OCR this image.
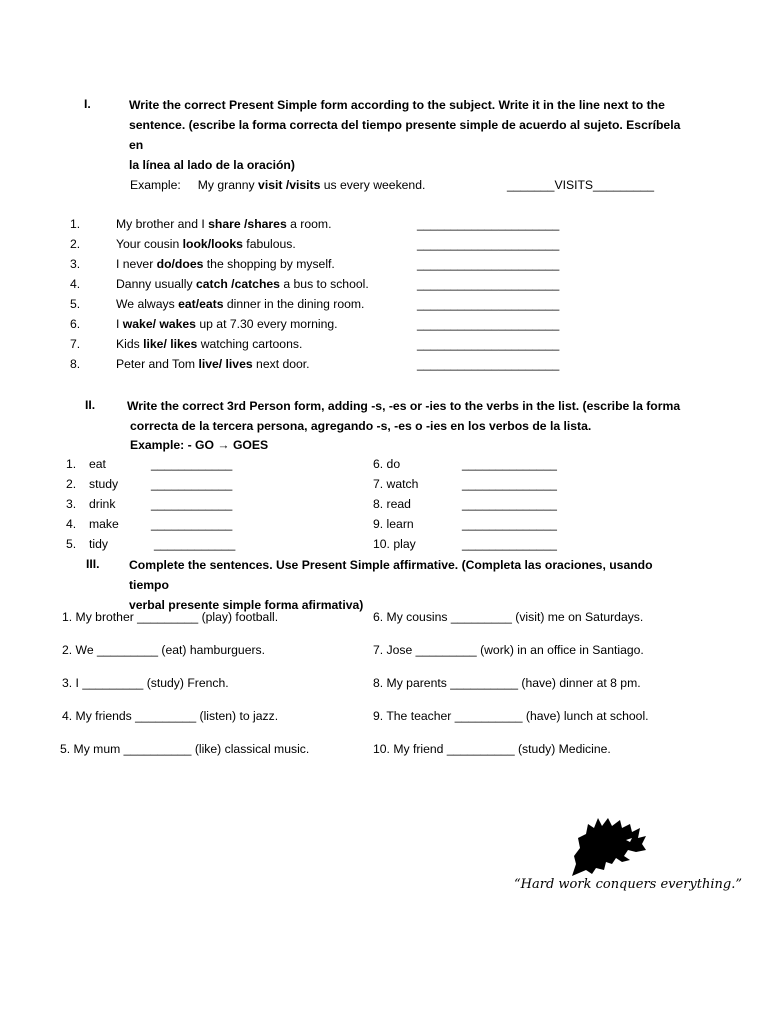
I.	Write the correct Present Simple form according to the subject. Write it in the line next to the
sentence. (escribe la forma correcta del tiempo presente simple de acuerdo al sujeto. Escríbela en
la línea al lado de la oración)
Example: My granny visit /visits us every weekend.	_______VISITS_________
1.	My brother and I share /shares a room.	_____________________
2.	Your cousin look/looks fabulous.	_____________________
3.	I never do/does the shopping by myself.	_____________________
4.	Danny usually catch /catches a bus to school.	_____________________
5.	We always eat/eats dinner in the dining room.	_____________________
6.	I wake/ wakes up at 7.30 every morning.	_____________________
7.	Kids like/ likes watching cartoons.	_____________________
8.	Peter and Tom live/ lives next door.	_____________________
II.	Write the correct 3rd Person form, adding -s, -es or -ies to the verbs in the list. (escribe la forma
correcta de la tercera persona, agregando -s, -es o -ies en los verbos de la lista.
Example: - GO → GOES
1. eat	____________
2. study	____________
3. drink	____________
4. make	____________
5. tidy	____________
6. do	______________
7. watch	______________
8. read	______________
9. learn	______________
10. play	______________
III. Complete the sentences. Use Present Simple affirmative. (Completa las oraciones, usando tiempo
verbal presente simple forma afirmativa)
1. My brother _________ (play) football.
2. We _________ (eat) hamburguers.
3. I _________ (study) French.
4. My friends _________ (listen) to jazz.
5. My mum __________ (like) classical music.
6. My cousins _________ (visit) me on Saturdays.
7. Jose _________ (work) in an office in Santiago.
8. My parents __________ (have) dinner at 8 pm.
9. The teacher __________ (have) lunch at school.
10. My friend __________ (study) Medicine.
“Hard work conquers everything.”
